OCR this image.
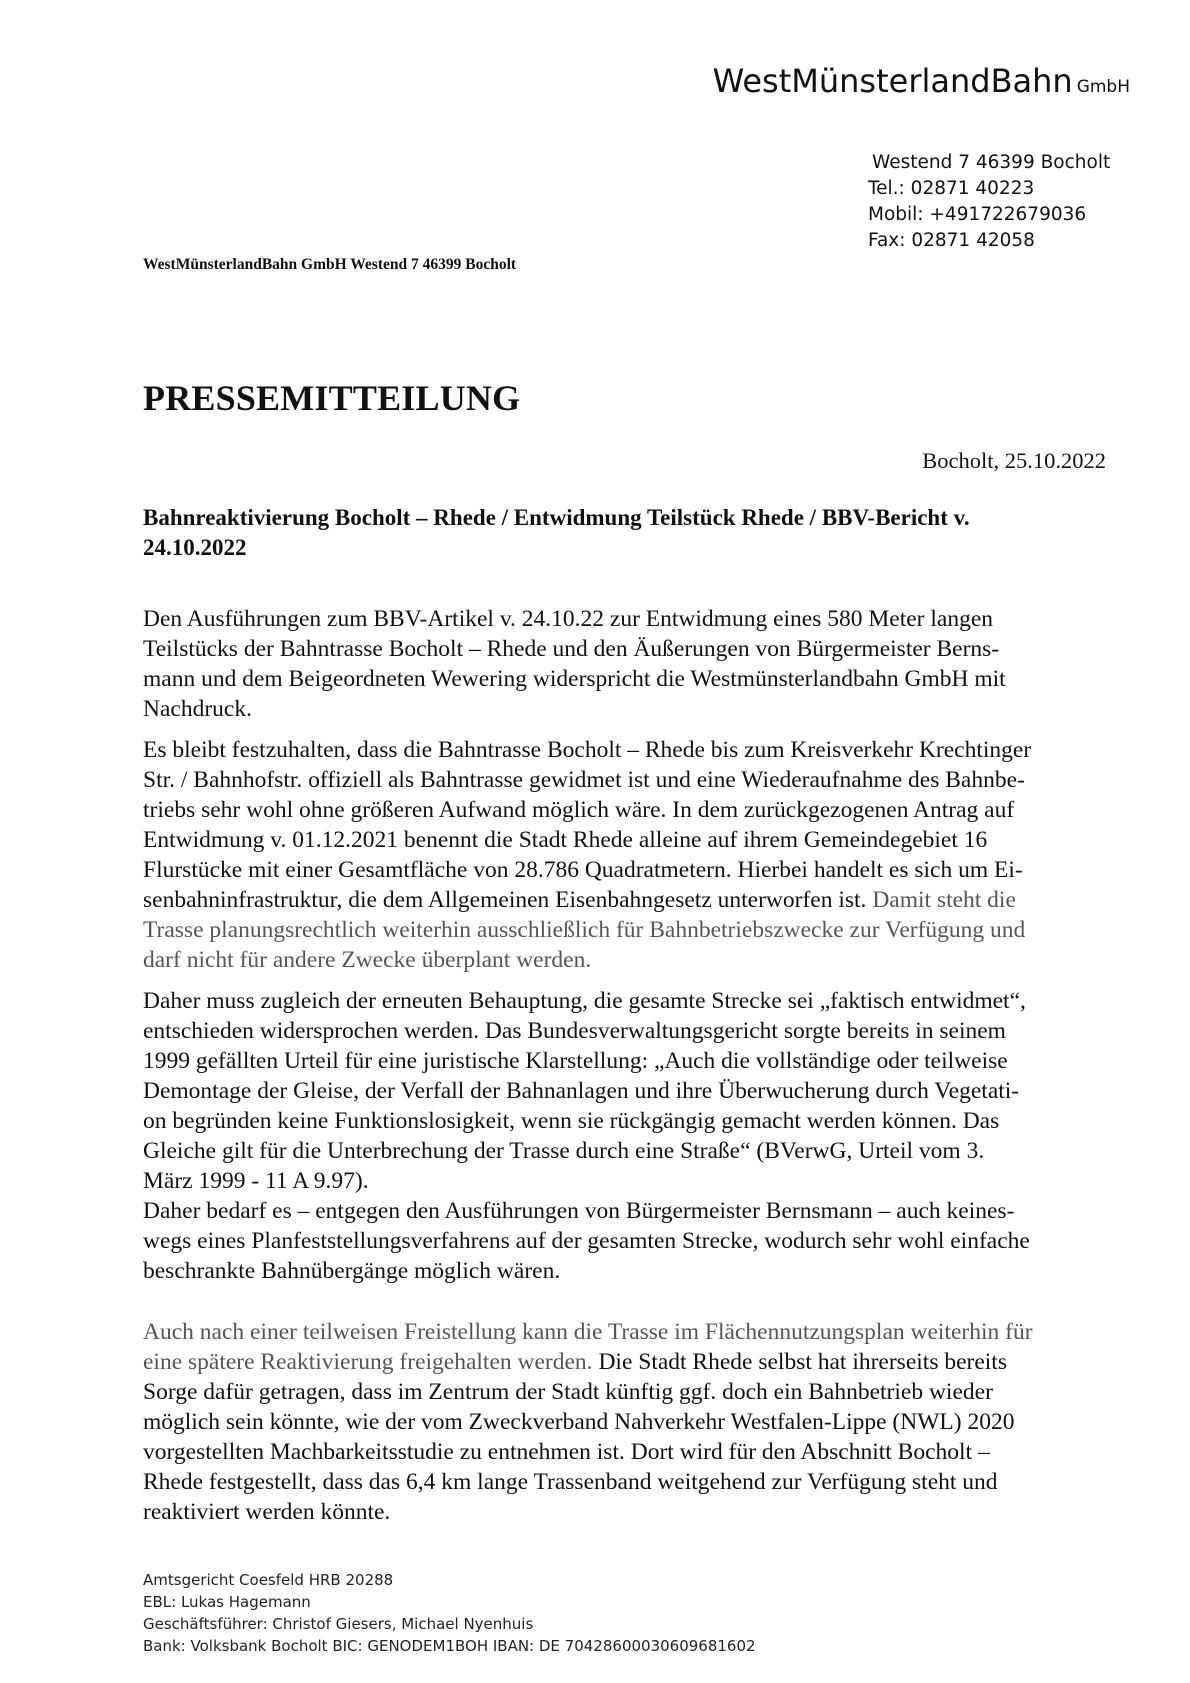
WestMünsterlandBahn GmbH
Westend 7 46399 Bocholt
Tel.: 02871 40223
Mobil: +491722679036
Fax: 02871 42058
WestMünsterlandBahn GmbH Westend 7 46399 Bocholt
PRESSEMITTEILUNG
Bocholt, 25.10.2022
Bahnreaktivierung Bocholt – Rhede / Entwidmung Teilstück Rhede / BBV-Bericht v.
24.10.2022
Den Ausführungen zum BBV-Artikel v. 24.10.22 zur Entwidmung eines 580 Meter langen
Teilstücks der Bahntrasse Bocholt – Rhede und den Äußerungen von Bürgermeister Berns-
mann und dem Beigeordneten Wewering widerspricht die Westmünsterlandbahn GmbH mit
Nachdruck.
Es bleibt festzuhalten, dass die Bahntrasse Bocholt – Rhede bis zum Kreisverkehr Krechtinger
Str. / Bahnhofstr. offiziell als Bahntrasse gewidmet ist und eine Wiederaufnahme des Bahnbe-
triebs sehr wohl ohne größeren Aufwand möglich wäre. In dem zurückgezogenen Antrag auf
Entwidmung v. 01.12.2021 benennt die Stadt Rhede alleine auf ihrem Gemeindegebiet 16
Flurstücke mit einer Gesamtfläche von 28.786 Quadratmetern. Hierbei handelt es sich um Ei-
senbahninfrastruktur, die dem Allgemeinen Eisenbahngesetz unterworfen ist. Damit steht die
Trasse planungsrechtlich weiterhin ausschließlich für Bahnbetriebszwecke zur Verfügung und
darf nicht für andere Zwecke überplant werden.
Daher muss zugleich der erneuten Behauptung, die gesamte Strecke sei „faktisch entwidmet“,
entschieden widersprochen werden. Das Bundesverwaltungsgericht sorgte bereits in seinem
1999 gefällten Urteil für eine juristische Klarstellung: „Auch die vollständige oder teilweise
Demontage der Gleise, der Verfall der Bahnanlagen und ihre Überwucherung durch Vegetati-
on begründen keine Funktionslosigkeit, wenn sie rückgängig gemacht werden können. Das
Gleiche gilt für die Unterbrechung der Trasse durch eine Straße“ (BVerwG, Urteil vom 3.
März 1999 - 11 A 9.97).
Daher bedarf es – entgegen den Ausführungen von Bürgermeister Bernsmann – auch keines-
wegs eines Planfeststellungsverfahrens auf der gesamten Strecke, wodurch sehr wohl einfache
beschrankte Bahnübergänge möglich wären.
Auch nach einer teilweisen Freistellung kann die Trasse im Flächennutzungsplan weiterhin für
eine spätere Reaktivierung freigehalten werden. Die Stadt Rhede selbst hat ihrerseits bereits
Sorge dafür getragen, dass im Zentrum der Stadt künftig ggf. doch ein Bahnbetrieb wieder
möglich sein könnte, wie der vom Zweckverband Nahverkehr Westfalen-Lippe (NWL) 2020
vorgestellten Machbarkeitsstudie zu entnehmen ist. Dort wird für den Abschnitt Bocholt –
Rhede festgestellt, dass das 6,4 km lange Trassenband weitgehend zur Verfügung steht und
reaktiviert werden könnte.
Amtsgericht Coesfeld HRB 20288
EBL: Lukas Hagemann
Geschäftsführer: Christof Giesers, Michael Nyenhuis
Bank: Volksbank Bocholt BIC: GENODEM1BOH IBAN: DE 70428600030609681602
